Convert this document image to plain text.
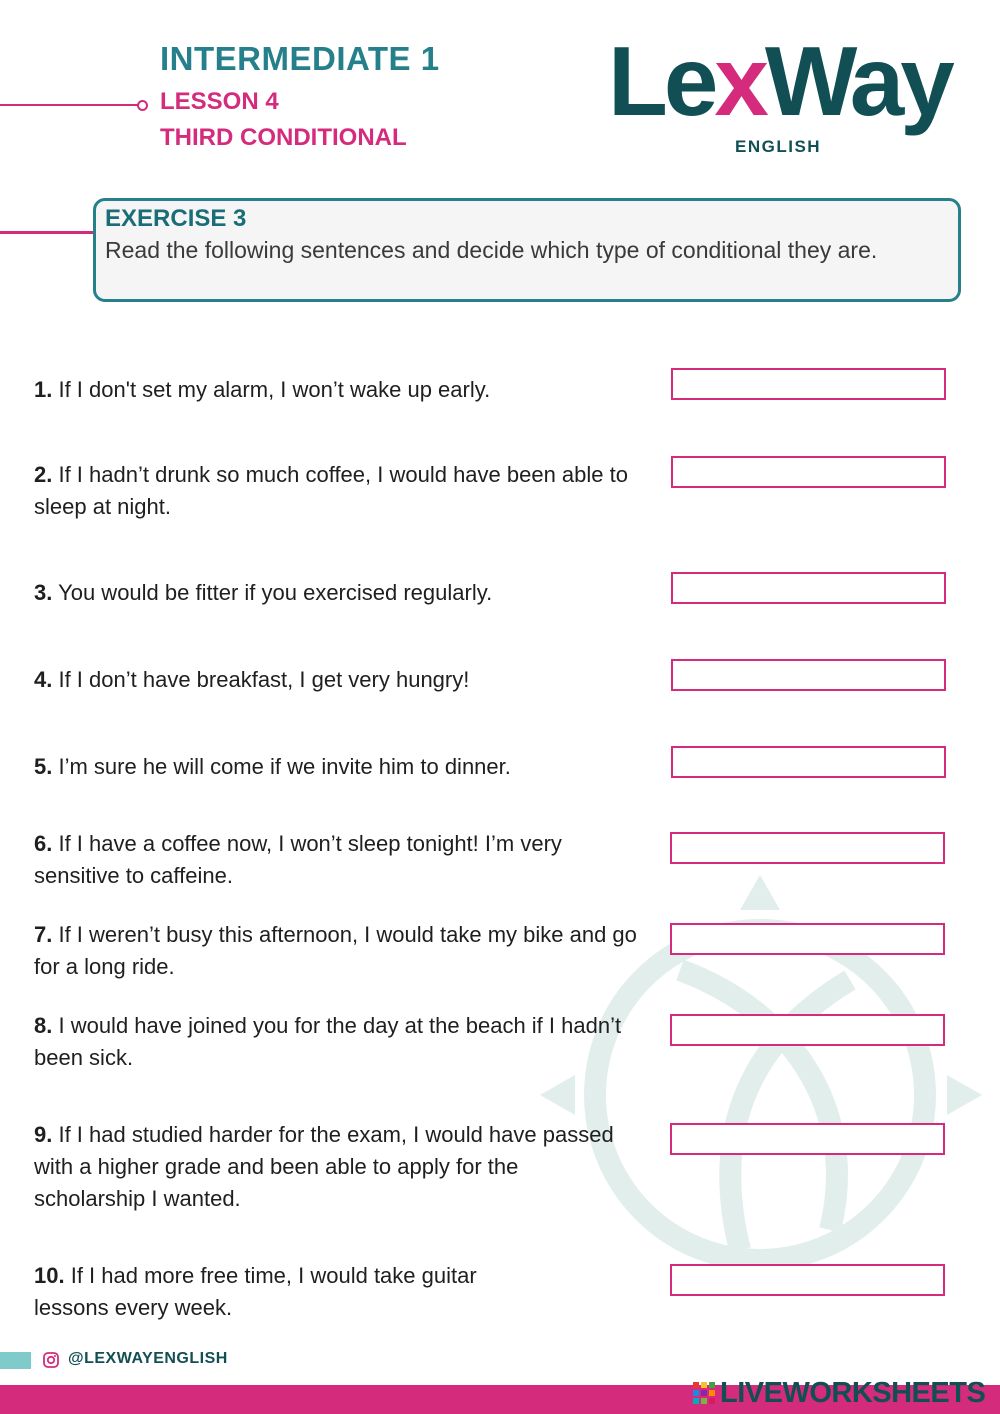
INTERMEDIATE 1
LESSON 4
THIRD CONDITIONAL
LexWay
ENGLISH
EXERCISE 3
Read the following sentences and decide which type of conditional they are.
1. If I don't set my alarm, I won’t wake up early.
2. If I hadn’t drunk so much coffee, I would have been able to sleep at night.
3. You would be fitter if you exercised regularly.
4. If I don’t have breakfast, I get very hungry!
5. I’m sure he will come if we invite him to dinner.
6. If I have a coffee now, I won’t sleep tonight! I’m very sensitive to caffeine.
7. If I weren’t busy this afternoon, I would take my bike and go for a long ride.
8. I would have joined you for the day at the beach if I hadn’t been sick.
9. If I had studied harder for the exam, I would have passed with a higher grade and been able to apply for the scholarship I wanted.
10. If I had more free time, I would take guitar lessons every week.
@LEXWAYENGLISH
LIVEWORKSHEETS
